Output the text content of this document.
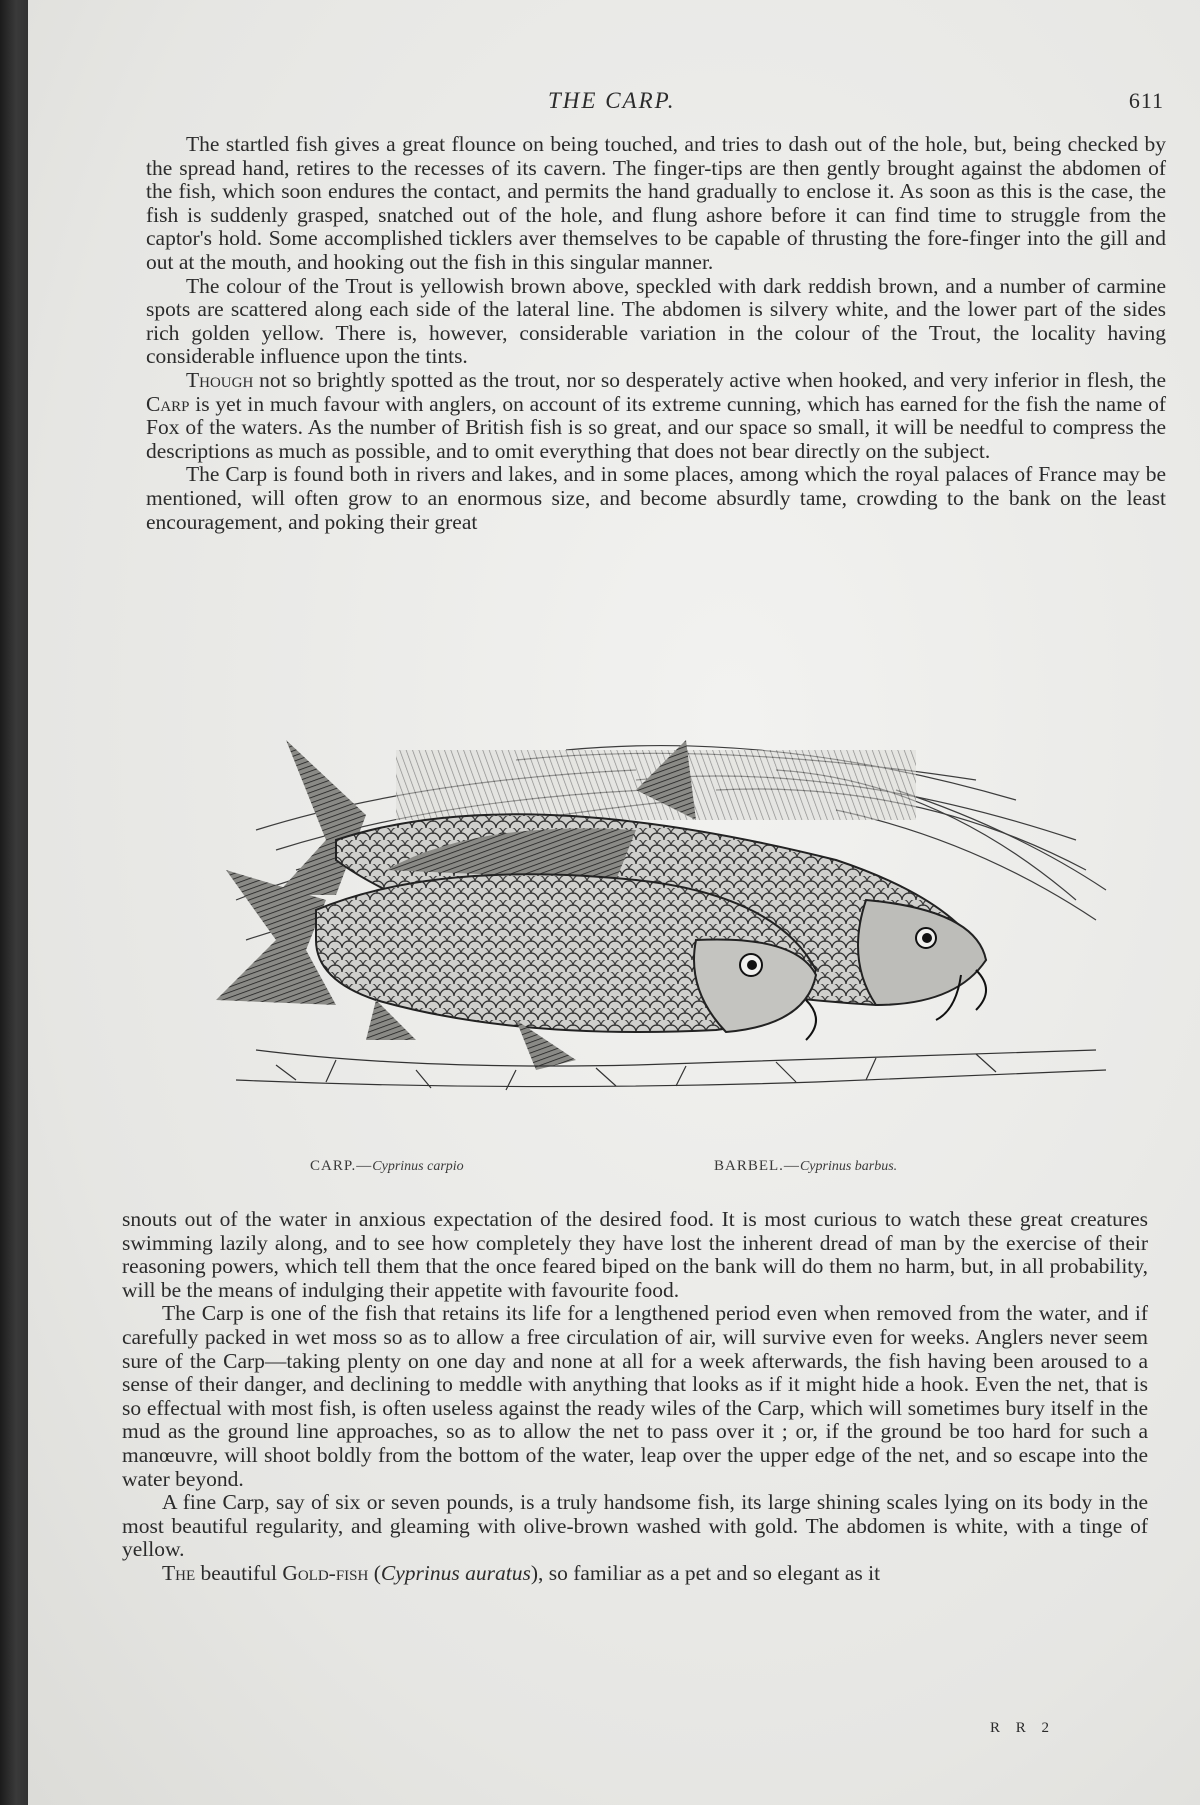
THE CARP.	611

The startled fish gives a great flounce on being touched, and tries to dash out of the hole, but, being checked by the spread hand, retires to the recesses of its cavern. The finger-tips are then gently brought against the abdomen of the fish, which soon endures the contact, and permits the hand gradually to enclose it. As soon as this is the case, the fish is suddenly grasped, snatched out of the hole, and flung ashore before it can find time to struggle from the captor's hold. Some accomplished ticklers aver themselves to be capable of thrusting the fore-finger into the gill and out at the mouth, and hooking out the fish in this singular manner.

The colour of the Trout is yellowish brown above, speckled with dark reddish brown, and a number of carmine spots are scattered along each side of the lateral line. The abdomen is silvery white, and the lower part of the sides rich golden yellow. There is, however, considerable variation in the colour of the Trout, the locality having considerable influence upon the tints.

Though not so brightly spotted as the trout, nor so desperately active when hooked, and very inferior in flesh, the Carp is yet in much favour with anglers, on account of its extreme cunning, which has earned for the fish the name of Fox of the waters. As the number of British fish is so great, and our space so small, it will be needful to compress the descriptions as much as possible, and to omit everything that does not bear directly on the subject.

The Carp is found both in rivers and lakes, and in some places, among which the royal palaces of France may be mentioned, will often grow to an enormous size, and become absurdly tame, crowding to the bank on the least encouragement, and poking their great

CARP.—Cyprinus carpio	BARBEL.—Cyprinus barbus.

snouts out of the water in anxious expectation of the desired food. It is most curious to watch these great creatures swimming lazily along, and to see how completely they have lost the inherent dread of man by the exercise of their reasoning powers, which tell them that the once feared biped on the bank will do them no harm, but, in all probability, will be the means of indulging their appetite with favourite food.

The Carp is one of the fish that retains its life for a lengthened period even when removed from the water, and if carefully packed in wet moss so as to allow a free circulation of air, will survive even for weeks. Anglers never seem sure of the Carp—taking plenty on one day and none at all for a week afterwards, the fish having been aroused to a sense of their danger, and declining to meddle with anything that looks as if it might hide a hook. Even the net, that is so effectual with most fish, is often useless against the ready wiles of the Carp, which will sometimes bury itself in the mud as the ground line approaches, so as to allow the net to pass over it ; or, if the ground be too hard for such a manœuvre, will shoot boldly from the bottom of the water, leap over the upper edge of the net, and so escape into the water beyond.

A fine Carp, say of six or seven pounds, is a truly handsome fish, its large shining scales lying on its body in the most beautiful regularity, and gleaming with olive-brown washed with gold. The abdomen is white, with a tinge of yellow.

The beautiful Gold-fish (Cyprinus auratus), so familiar as a pet and so elegant as it

R R 2
